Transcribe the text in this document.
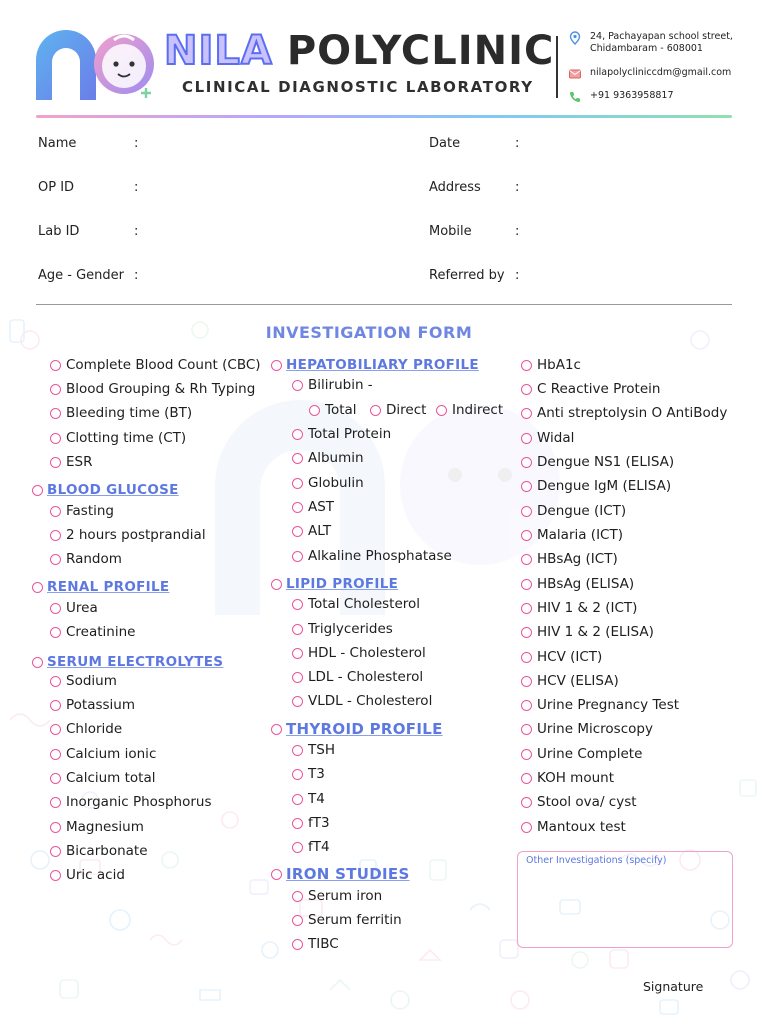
NILA POLYCLINIC
CLINICAL DIAGNOSTIC LABORATORY
24, Pachayapan school street,
Chidambaram - 608001
nilapolycliniccdm@gmail.com
+91 9363958817
Name	:
OP ID	:
Lab ID	:
Age - Gender :
Date	:
Address	:
Mobile	:
Referred by :
INVESTIGATION FORM
Complete Blood Count (CBC)
Blood Grouping & Rh Typing
Bleeding time (BT)
Clotting time (CT)
ESR
BLOOD GLUCOSE
Fasting
2 hours postprandial
Random
RENAL PROFILE
Urea
Creatinine
SERUM ELECTROLYTES
Sodium
Potassium
Chloride
Calcium ionic
Calcium total
Inorganic Phosphorus
Magnesium
Bicarbonate
Uric acid
HEPATOBILIARY PROFILE
Bilirubin -
Total Direct Indirect
Total Protein
Albumin
Globulin
AST
ALT
Alkaline Phosphatase
LIPID PROFILE
Total Cholesterol
Triglycerides
HDL - Cholesterol
LDL - Cholesterol
VLDL - Cholesterol
THYROID PROFILE
TSH
T3
T4
fT3
fT4
IRON STUDIES
Serum iron
Serum ferritin
TIBC
HbA1c
C Reactive Protein
Anti streptolysin O AntiBody
Widal
Dengue NS1 (ELISA)
Dengue IgM (ELISA)
Dengue (ICT)
Malaria (ICT)
HBsAg (ICT)
HBsAg (ELISA)
HIV 1 & 2 (ICT)
HIV 1 & 2 (ELISA)
HCV (ICT)
HCV (ELISA)
Urine Pregnancy Test
Urine Microscopy
Urine Complete
KOH mount
Stool ova/ cyst
Mantoux test
Other Investigations (specify)
Signature
